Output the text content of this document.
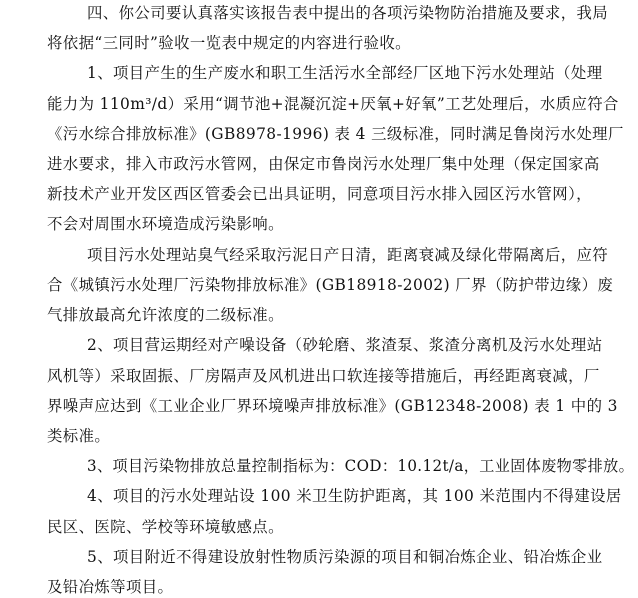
四、你公司要认真落实该报告表中提出的各项污染物防治措施及要求，我局
将依据“三同时”验收一览表中规定的内容进行验收。
1、项目产生的生产废水和职工生活污水全部经厂区地下污水处理站（处理
能力为 110m³/d）采用“调节池+混凝沉淀+厌氧+好氧”工艺处理后，水质应符合
《污水综合排放标准》(GB8978-1996) 表 4 三级标准，同时满足鲁岗污水处理厂
进水要求，排入市政污水管网，由保定市鲁岗污水处理厂集中处理（保定国家高
新技术产业开发区西区管委会已出具证明，同意项目污水排入园区污水管网），
不会对周围水环境造成污染影响。
项目污水处理站臭气经采取污泥日产日清，距离衰减及绿化带隔离后，应符
合《城镇污水处理厂污染物排放标准》(GB18918-2002) 厂界（防护带边缘）废
气排放最高允许浓度的二级标准。
2、项目营运期经对产噪设备（砂轮磨、浆渣泵、浆渣分离机及污水处理站
风机等）采取固振、厂房隔声及风机进出口软连接等措施后，再经距离衰减，厂
界噪声应达到《工业企业厂界环境噪声排放标准》(GB12348-2008) 表 1 中的 3
类标准。
3、项目污染物排放总量控制指标为：COD：10.12t/a，工业固体废物零排放。
4、项目的污水处理站设 100 米卫生防护距离，其 100 米范围内不得建设居
民区、医院、学校等环境敏感点。
5、项目附近不得建设放射性物质污染源的项目和铜冶炼企业、铅冶炼企业
及铅冶炼等项目。
